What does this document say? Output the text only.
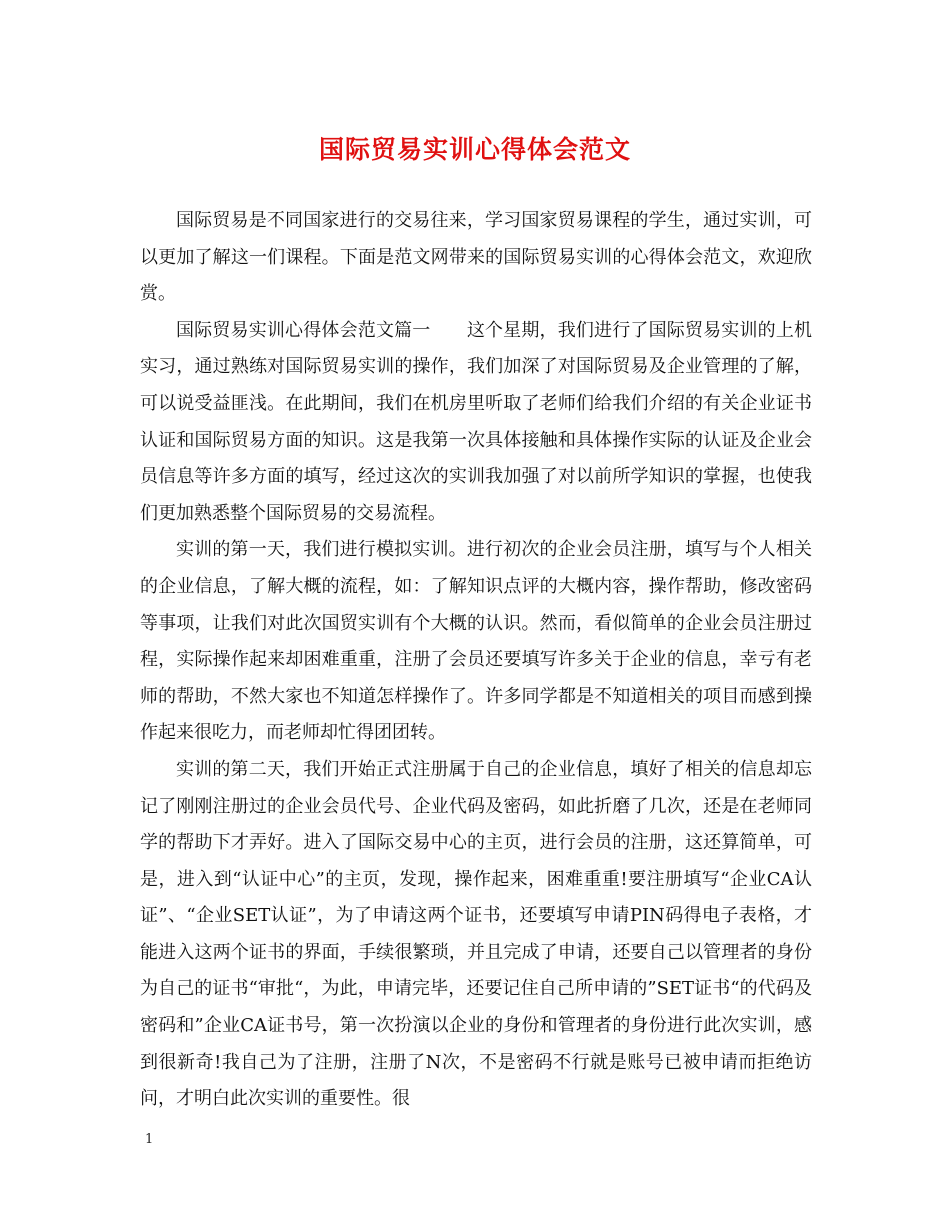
国际贸易实训心得体会范文

国际贸易是不同国家进行的交易往来，学习国家贸易课程的学生，通过实训，可以更加了解这一们课程。下面是范文网带来的国际贸易实训的心得体会范文，欢迎欣赏。

国际贸易实训心得体会范文篇一　　这个星期，我们进行了国际贸易实训的上机实习，通过熟练对国际贸易实训的操作，我们加深了对国际贸易及企业管理的了解，可以说受益匪浅。在此期间，我们在机房里听取了老师们给我们介绍的有关企业证书认证和国际贸易方面的知识。这是我第一次具体接触和具体操作实际的认证及企业会员信息等许多方面的填写，经过这次的实训我加强了对以前所学知识的掌握，也使我们更加熟悉整个国际贸易的交易流程。

实训的第一天，我们进行模拟实训。进行初次的企业会员注册，填写与个人相关的企业信息，了解大概的流程，如：了解知识点评的大概内容，操作帮助，修改密码等事项，让我们对此次国贸实训有个大概的认识。然而，看似简单的企业会员注册过程，实际操作起来却困难重重，注册了会员还要填写许多关于企业的信息，幸亏有老师的帮助，不然大家也不知道怎样操作了。许多同学都是不知道相关的项目而感到操作起来很吃力，而老师却忙得团团转。

实训的第二天，我们开始正式注册属于自己的企业信息，填好了相关的信息却忘记了刚刚注册过的企业会员代号、企业代码及密码，如此折磨了几次，还是在老师同学的帮助下才弄好。进入了国际交易中心的主页，进行会员的注册，这还算简单，可是，进入到“认证中心”的主页，发现，操作起来，困难重重!要注册填写“企业CA认证”、“企业SET认证”，为了申请这两个证书，还要填写申请PIN码得电子表格，才能进入这两个证书的界面，手续很繁琐，并且完成了申请，还要自己以管理者的身份为自己的证书“审批“，为此，申请完毕，还要记住自己所申请的”SET证书“的代码及密码和”企业CA证书号，第一次扮演以企业的身份和管理者的身份进行此次实训，感到很新奇!我自己为了注册，注册了N次，不是密码不行就是账号已被申请而拒绝访问，才明白此次实训的重要性。很

1
